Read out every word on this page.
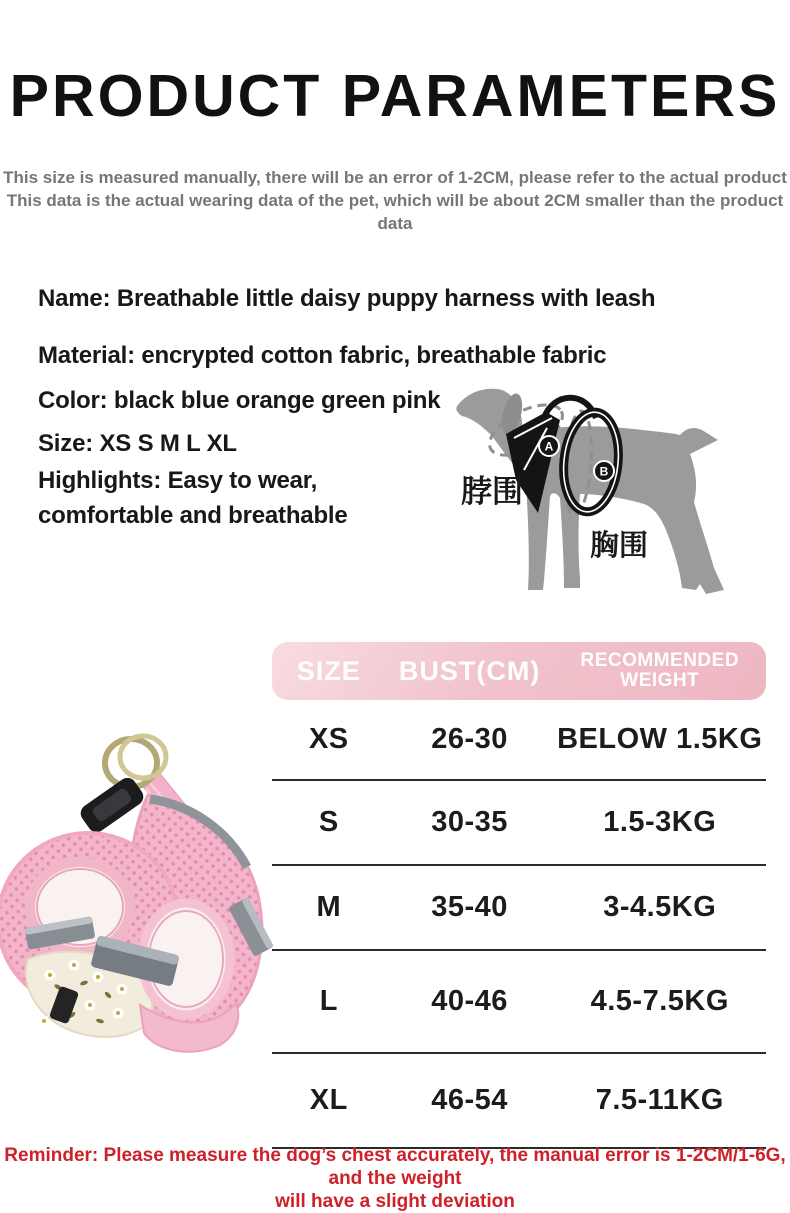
PRODUCT PARAMETERS
This size is measured manually, there will be an error of 1-2CM, please refer to the actual product
This data is the actual wearing data of the pet, which will be about 2CM smaller than the product data
Name: Breathable little daisy puppy harness with leash
Material: encrypted cotton fabric, breathable fabric
Color: black blue orange green pink
Size: XS S M L XL
Highlights: Easy to wear,
comfortable and breathable
A
B
脖围
胸围
SIZE	BUST(CM)	RECOMMENDED
WEIGHT
XS	26-30	BELOW 1.5KG
S	30-35	1.5-3KG
M	35-40	3-4.5KG
L	40-46	4.5-7.5KG
XL	46-54	7.5-11KG
Reminder: Please measure the dog’s chest accurately, the manual error is 1-2CM/1-6G, and the weight
will have a slight deviation
